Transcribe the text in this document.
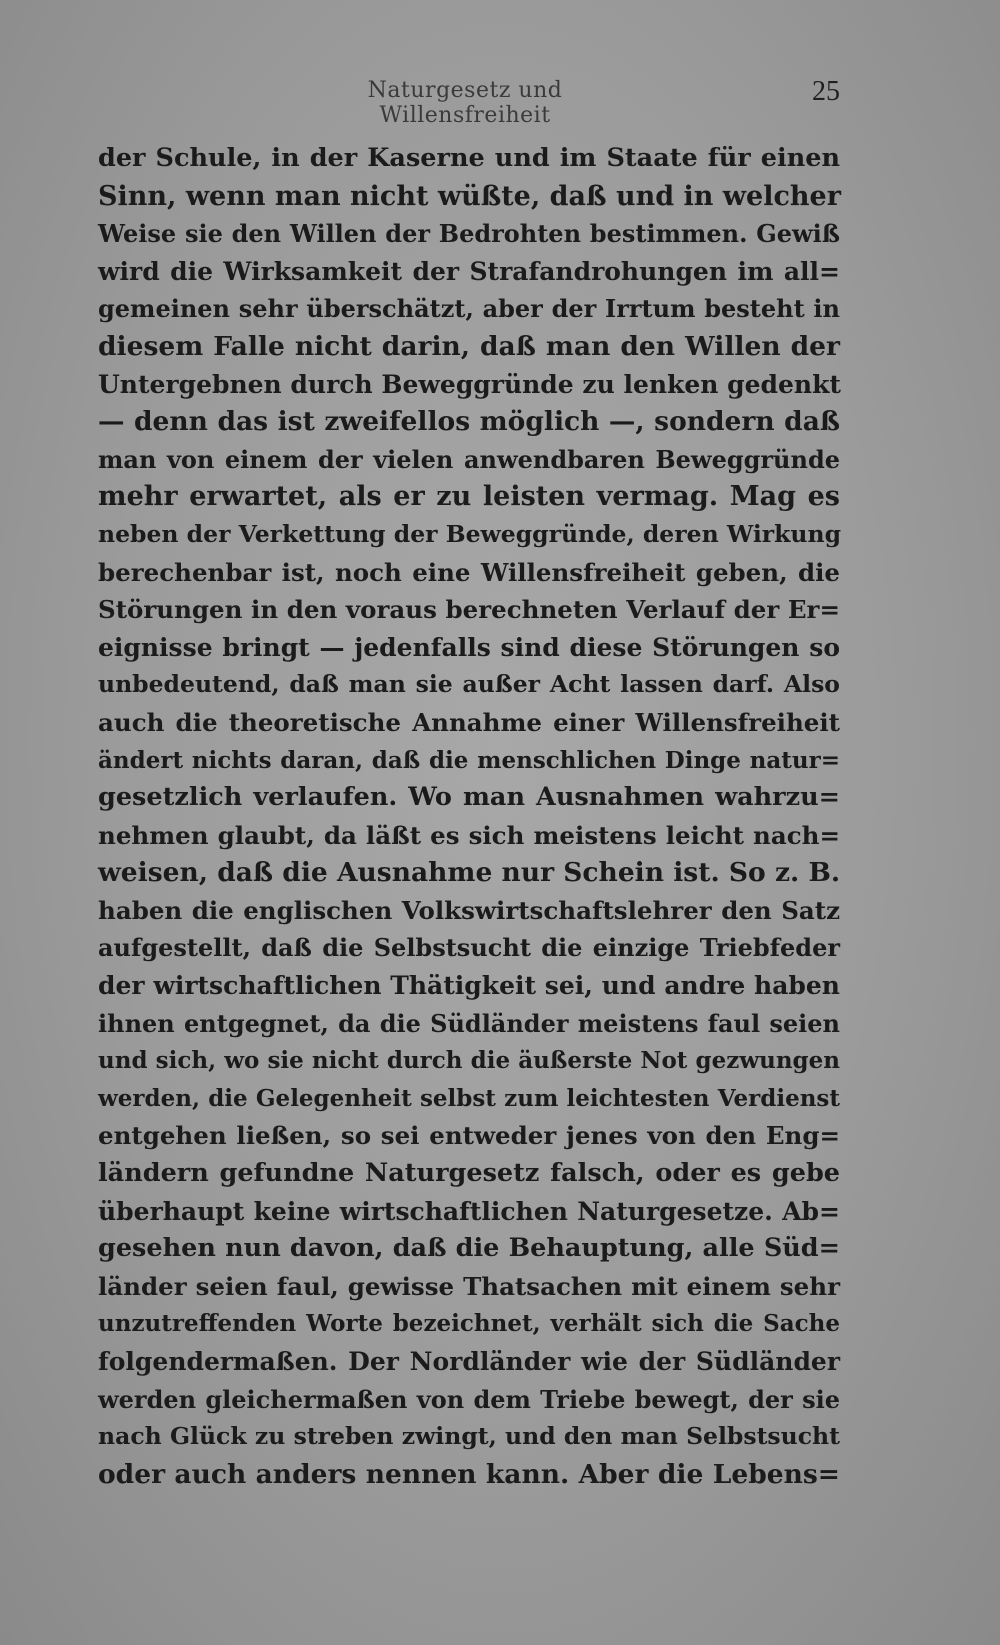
Naturgesetz und Willensfreiheit
25
der Schule, in der Kaserne und im Staate für einen
Sinn, wenn man nicht wüßte, daß und in welcher
Weise sie den Willen der Bedrohten bestimmen. Gewiß
wird die Wirksamkeit der Strafandrohungen im all=
gemeinen sehr überschätzt, aber der Irrtum besteht in
diesem Falle nicht darin, daß man den Willen der
Untergebnen durch Beweggründe zu lenken gedenkt
— denn das ist zweifellos möglich —, sondern daß
man von einem der vielen anwendbaren Beweggründe
mehr erwartet, als er zu leisten vermag. Mag es
neben der Verkettung der Beweggründe, deren Wirkung
berechenbar ist, noch eine Willensfreiheit geben, die
Störungen in den voraus berechneten Verlauf der Er=
eignisse bringt — jedenfalls sind diese Störungen so
unbedeutend, daß man sie außer Acht lassen darf. Also
auch die theoretische Annahme einer Willensfreiheit
ändert nichts daran, daß die menschlichen Dinge natur=
gesetzlich verlaufen. Wo man Ausnahmen wahrzu=
nehmen glaubt, da läßt es sich meistens leicht nach=
weisen, daß die Ausnahme nur Schein ist. So z. B.
haben die englischen Volkswirtschaftslehrer den Satz
aufgestellt, daß die Selbstsucht die einzige Triebfeder
der wirtschaftlichen Thätigkeit sei, und andre haben
ihnen entgegnet, da die Südländer meistens faul seien
und sich, wo sie nicht durch die äußerste Not gezwungen
werden, die Gelegenheit selbst zum leichtesten Verdienst
entgehen ließen, so sei entweder jenes von den Eng=
ländern gefundne Naturgesetz falsch, oder es gebe
überhaupt keine wirtschaftlichen Naturgesetze. Ab=
gesehen nun davon, daß die Behauptung, alle Süd=
länder seien faul, gewisse Thatsachen mit einem sehr
unzutreffenden Worte bezeichnet, verhält sich die Sache
folgendermaßen. Der Nordländer wie der Südländer
werden gleichermaßen von dem Triebe bewegt, der sie
nach Glück zu streben zwingt, und den man Selbstsucht
oder auch anders nennen kann. Aber die Lebens=
